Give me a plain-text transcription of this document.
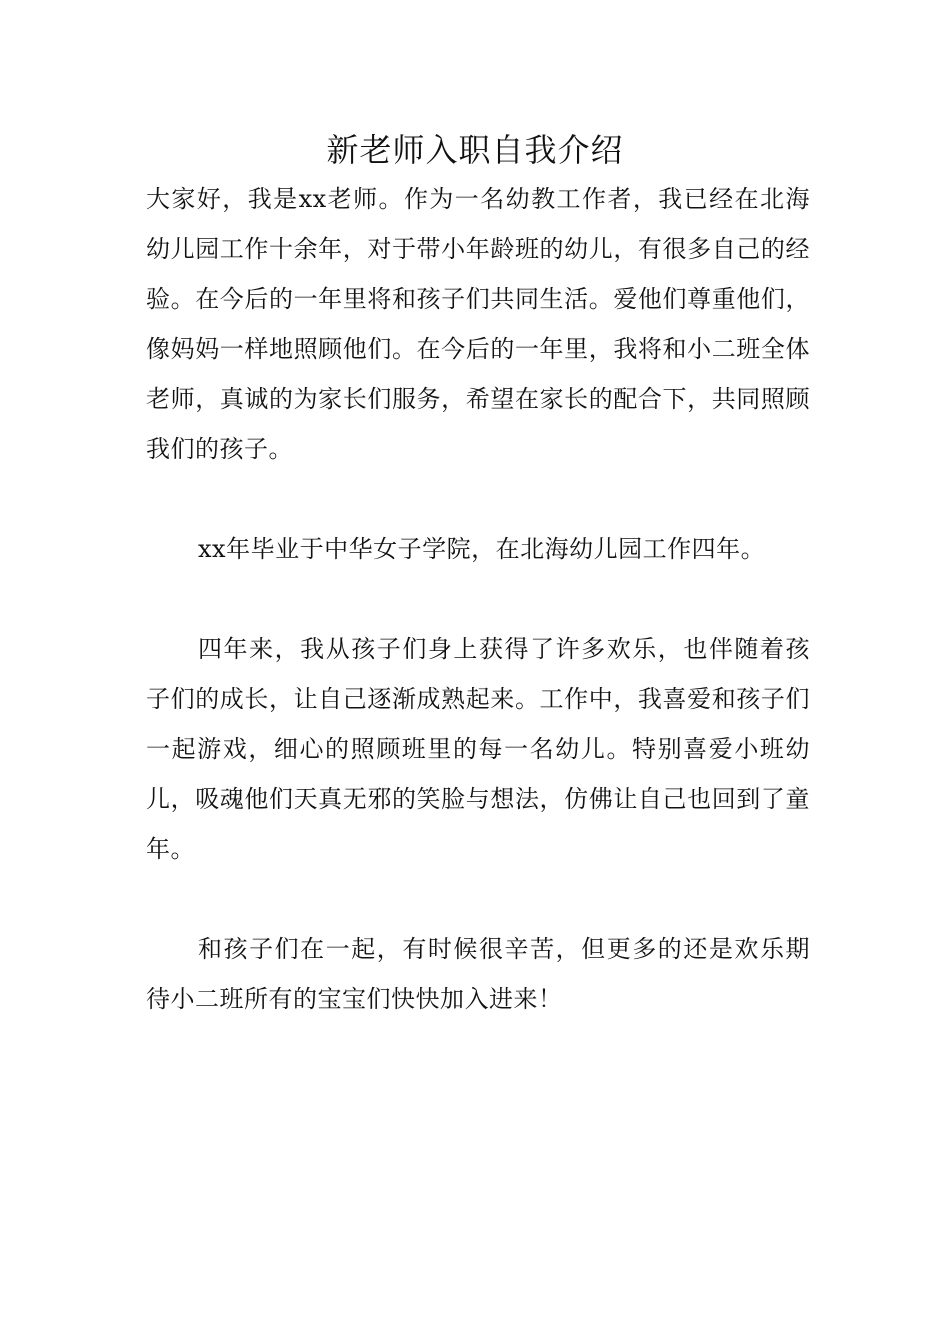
新老师入职自我介绍

大家好，我是xx老师。作为一名幼教工作者，我已经在北海幼儿园工作十余年，对于带小年龄班的幼儿，有很多自己的经验。在今后的一年里将和孩子们共同生活。爱他们尊重他们，像妈妈一样地照顾他们。在今后的一年里，我将和小二班全体老师，真诚的为家长们服务，希望在家长的配合下，共同照顾我们的孩子。

xx年毕业于中华女子学院，在北海幼儿园工作四年。

四年来，我从孩子们身上获得了许多欢乐，也伴随着孩子们的成长，让自己逐渐成熟起来。工作中，我喜爱和孩子们一起游戏，细心的照顾班里的每一名幼儿。特别喜爱小班幼儿，吸魂他们天真无邪的笑脸与想法，仿佛让自己也回到了童年。

和孩子们在一起，有时候很辛苦，但更多的还是欢乐期待小二班所有的宝宝们快快加入进来！
